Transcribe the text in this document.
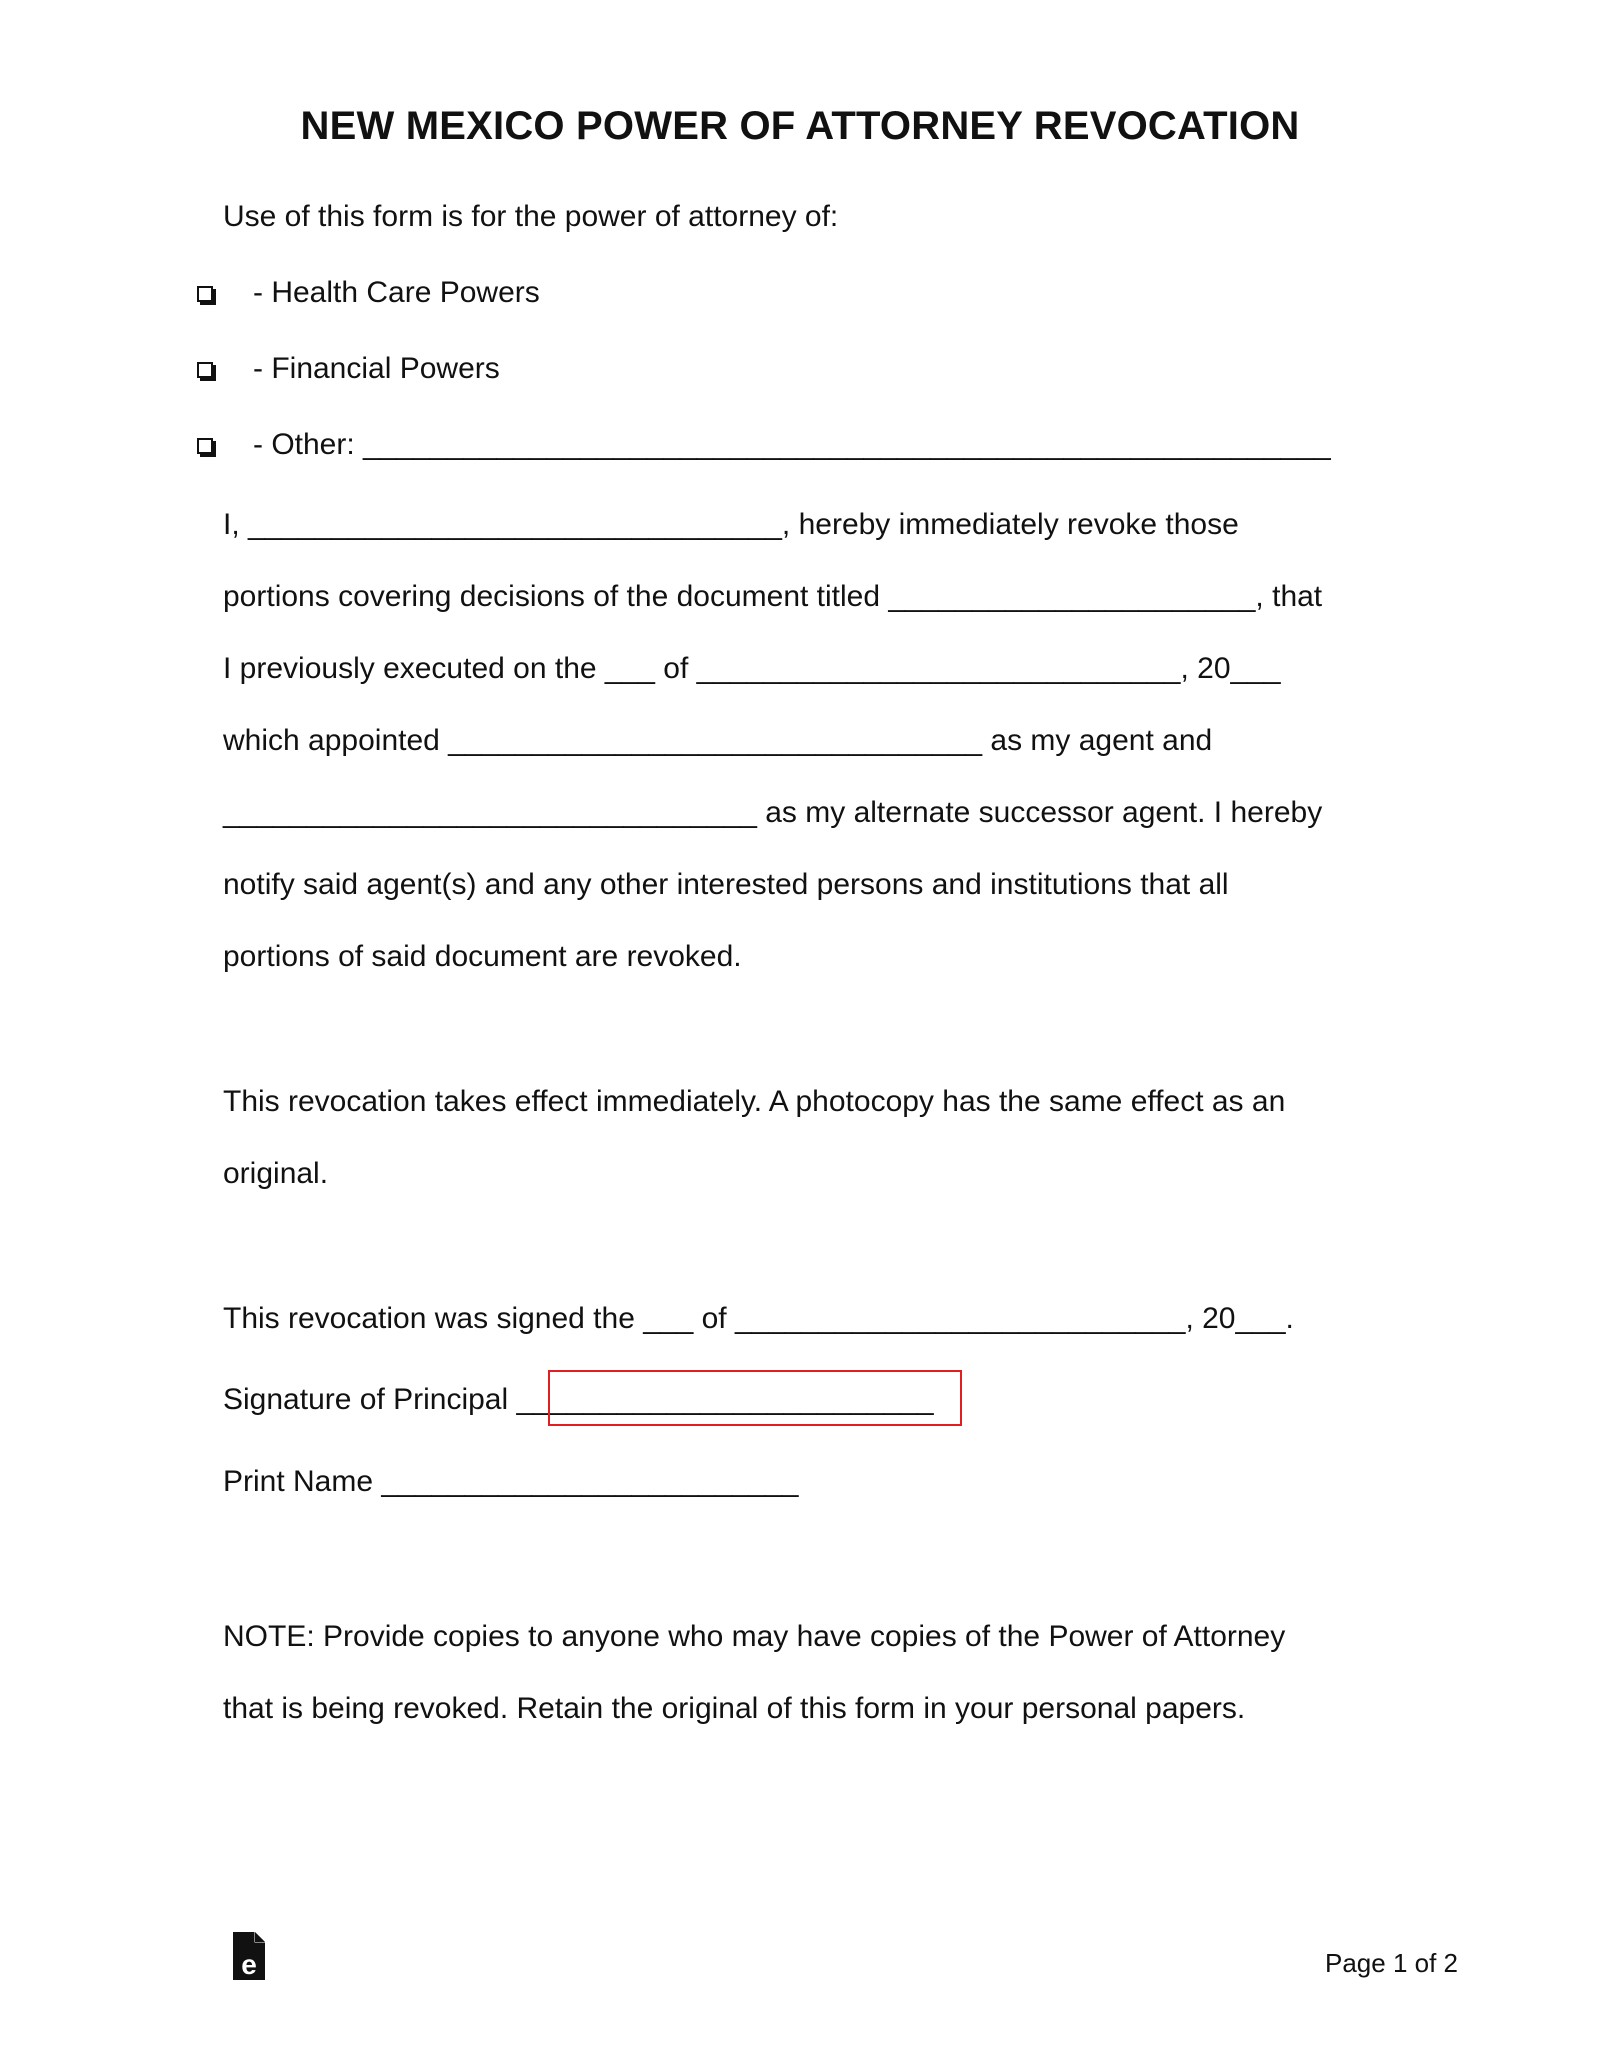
NEW MEXICO POWER OF ATTORNEY REVOCATION
Use of this form is for the power of attorney of:
- Health Care Powers
- Financial Powers
- Other: __________________________________________________________
I, ________________________________, hereby immediately revoke those
portions covering decisions of the document titled ______________________, that
I previously executed on the ___ of _____________________________, 20___
which appointed ________________________________ as my agent and
________________________________ as my alternate successor agent. I hereby
notify said agent(s) and any other interested persons and institutions that all
portions of said document are revoked.
This revocation takes effect immediately. A photocopy has the same effect as an
original.
This revocation was signed the ___ of ___________________________, 20___.
Signature of Principal _________________________
Print Name _________________________
NOTE: Provide copies to anyone who may have copies of the Power of Attorney
that is being revoked. Retain the original of this form in your personal papers.
e	Page 1 of 2
